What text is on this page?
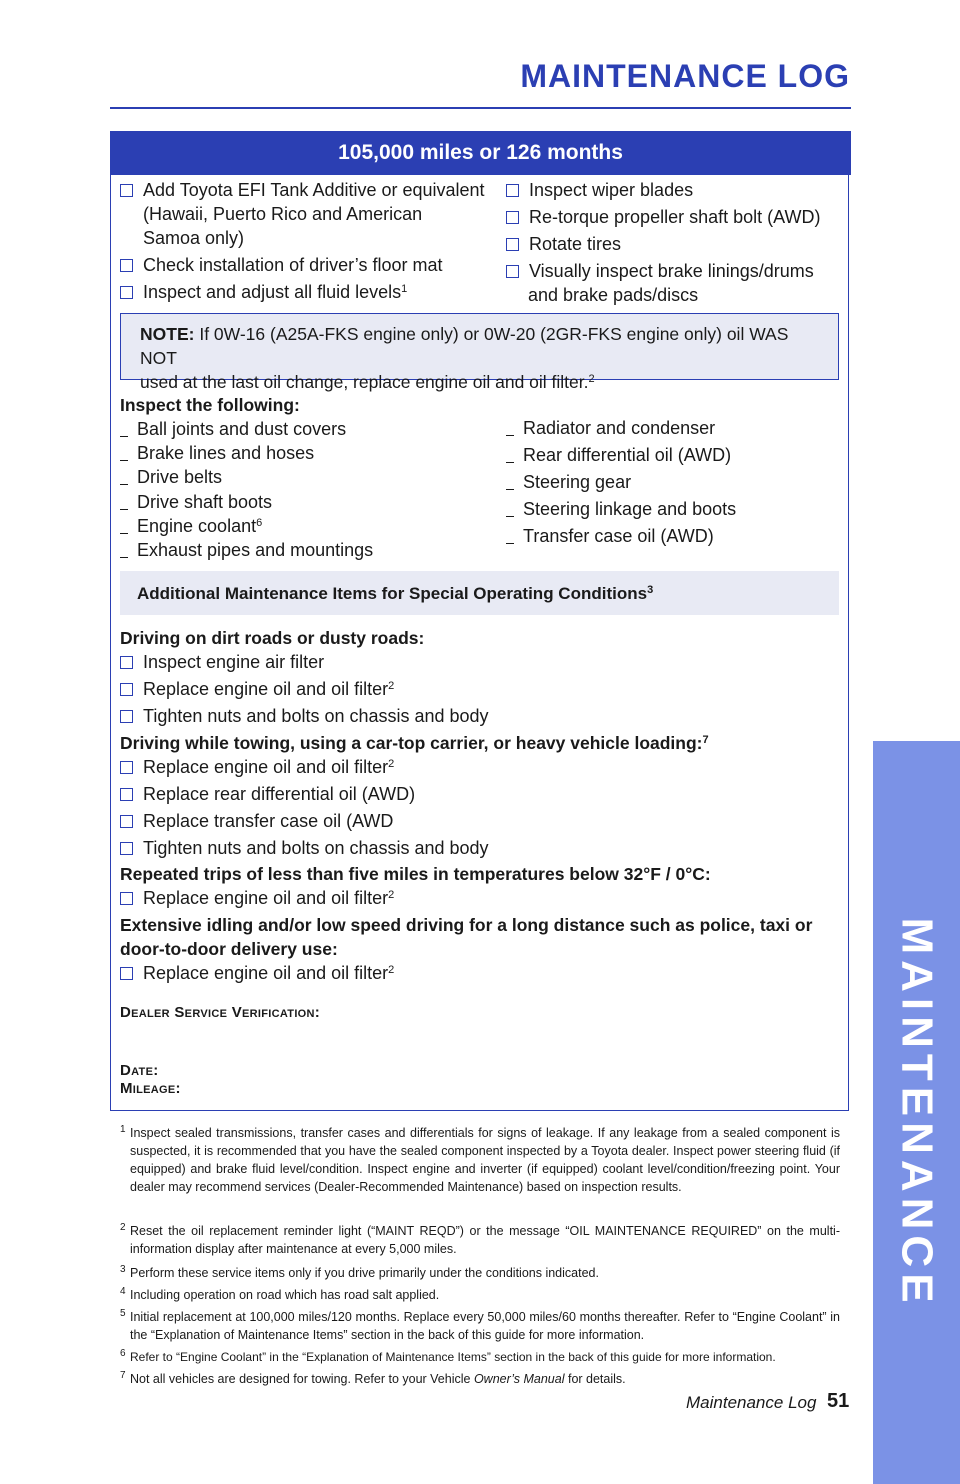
MAINTENANCE LOG
MAINTENANCE
105,000 miles or 126 months
Add Toyota EFI Tank Additive or equivalent
(Hawaii, Puerto Rico and American
Samoa only)
Check installation of driver’s floor mat
Inspect and adjust all fluid levels$^1$
Inspect wiper blades
Re-torque propeller shaft bolt (AWD)
Rotate tires
Visually inspect brake linings/drums
and brake pads/discs
NOTE: If 0W-16 (A25A-FKS engine only) or 0W-20 (2GR-FKS engine only) oil WAS NOT
used at the last oil change, replace engine oil and oil filter.$^2$
Inspect the following:
Ball joints and dust covers
Brake lines and hoses
Drive belts
Drive shaft boots
Engine coolant$^6$
Exhaust pipes and mountings
Radiator and condenser
Rear differential oil (AWD)
Steering gear
Steering linkage and boots
Transfer case oil (AWD)
Additional Maintenance Items for Special Operating Conditions$^3$
Driving on dirt roads or dusty roads:
Inspect engine air filter
Replace engine oil and oil filter$^2$
Tighten nuts and bolts on chassis and body
Driving while towing, using a car-top carrier, or heavy vehicle loading:$^7$
Replace engine oil and oil filter$^2$
Replace rear differential oil (AWD)
Replace transfer case oil (AWD
Tighten nuts and bolts on chassis and body
Repeated trips of less than five miles in temperatures below 32°F / 0°C:
Replace engine oil and oil filter$^2$
Extensive idling and/or low speed driving for a long distance such as police, taxi or
door-to-door delivery use:
Replace engine oil and oil filter$^2$
Dealer Service Verification:
Date:
Mileage:
1 Inspect sealed transmissions, transfer cases and differentials for signs of leakage. If any leakage from a sealed component is suspected, it is recommended that you have the sealed component inspected by a Toyota dealer. Inspect power steering fluid (if equipped) and brake fluid level/condition. Inspect engine and inverter (if equipped) coolant level/condition/freezing point. Your dealer may recommend services (Dealer-Recommended Maintenance) based on inspection results.
2 Reset the oil replacement reminder light (“MAINT REQD”) or the message “OIL MAINTENANCE REQUIRED” on the multi-information display after maintenance at every 5,000 miles.
3 Perform these service items only if you drive primarily under the conditions indicated.
4 Including operation on road which has road salt applied.
5 Initial replacement at 100,000 miles/120 months. Replace every 50,000 miles/60 months thereafter. Refer to “Engine Coolant” in the “Explanation of Maintenance Items” section in the back of this guide for more information.
6 Refer to “Engine Coolant” in the “Explanation of Maintenance Items” section in the back of this guide for more information.
7 Not all vehicles are designed for towing. Refer to your Vehicle Owner’s Manual for details.
Maintenance Log 51
